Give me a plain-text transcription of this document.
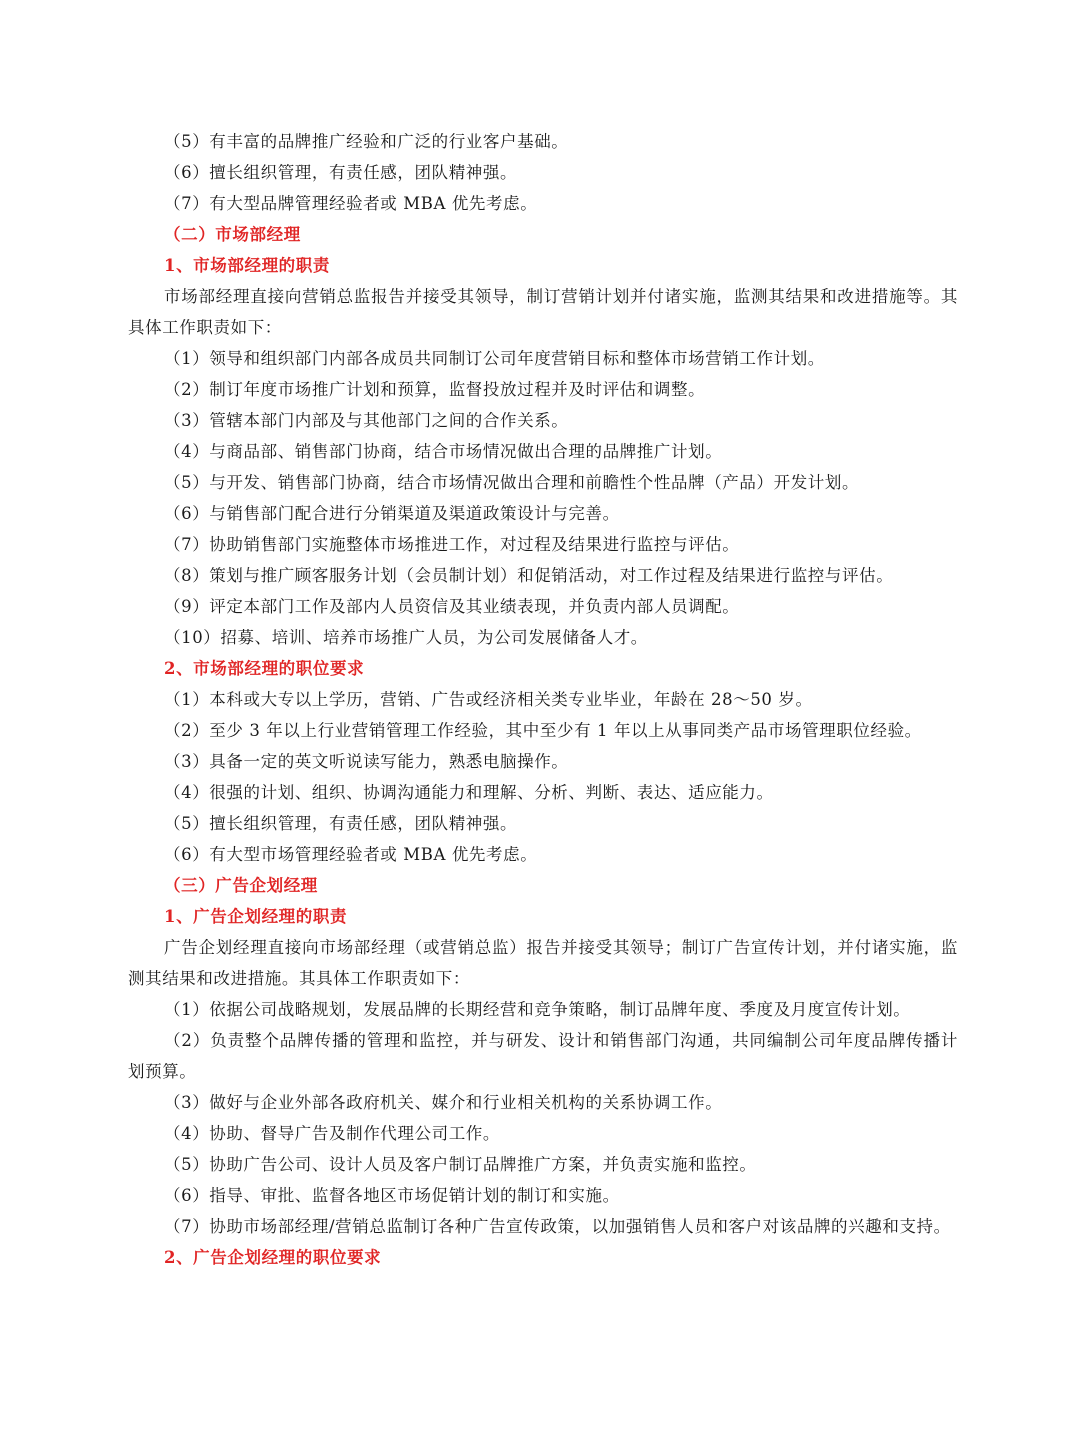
（5）有丰富的品牌推广经验和广泛的行业客户基础。
（6）擅长组织管理，有责任感，团队精神强。
（7）有大型品牌管理经验者或 MBA 优先考虑。
（二）市场部经理
1、市场部经理的职责
市场部经理直接向营销总监报告并接受其领导，制订营销计划并付诸实施，监测其结果和改进措施等。其具体工作职责如下：
（1）领导和组织部门内部各成员共同制订公司年度营销目标和整体市场营销工作计划。
（2）制订年度市场推广计划和预算，监督投放过程并及时评估和调整。
（3）管辖本部门内部及与其他部门之间的合作关系。
（4）与商品部、销售部门协商，结合市场情况做出合理的品牌推广计划。
（5）与开发、销售部门协商，结合市场情况做出合理和前瞻性个性品牌（产品）开发计划。
（6）与销售部门配合进行分销渠道及渠道政策设计与完善。
（7）协助销售部门实施整体市场推进工作，对过程及结果进行监控与评估。
（8）策划与推广顾客服务计划（会员制计划）和促销活动，对工作过程及结果进行监控与评估。
（9）评定本部门工作及部内人员资信及其业绩表现，并负责内部人员调配。
（10）招募、培训、培养市场推广人员，为公司发展储备人才。
2、市场部经理的职位要求
（1）本科或大专以上学历，营销、广告或经济相关类专业毕业，年龄在 28～50 岁。
（2）至少 3 年以上行业营销管理工作经验，其中至少有 1 年以上从事同类产品市场管理职位经验。
（3）具备一定的英文听说读写能力，熟悉电脑操作。
（4）很强的计划、组织、协调沟通能力和理解、分析、判断、表达、适应能力。
（5）擅长组织管理，有责任感，团队精神强。
（6）有大型市场管理经验者或 MBA 优先考虑。
（三）广告企划经理
1、广告企划经理的职责
广告企划经理直接向市场部经理（或营销总监）报告并接受其领导；制订广告宣传计划，并付诸实施，监测其结果和改进措施。其具体工作职责如下：
（1）依据公司战略规划，发展品牌的长期经营和竞争策略，制订品牌年度、季度及月度宣传计划。
（2）负责整个品牌传播的管理和监控，并与研发、设计和销售部门沟通，共同编制公司年度品牌传播计划预算。
（3）做好与企业外部各政府机关、媒介和行业相关机构的关系协调工作。
（4）协助、督导广告及制作代理公司工作。
（5）协助广告公司、设计人员及客户制订品牌推广方案，并负责实施和监控。
（6）指导、审批、监督各地区市场促销计划的制订和实施。
（7）协助市场部经理/营销总监制订各种广告宣传政策，以加强销售人员和客户对该品牌的兴趣和支持。
2、广告企划经理的职位要求
